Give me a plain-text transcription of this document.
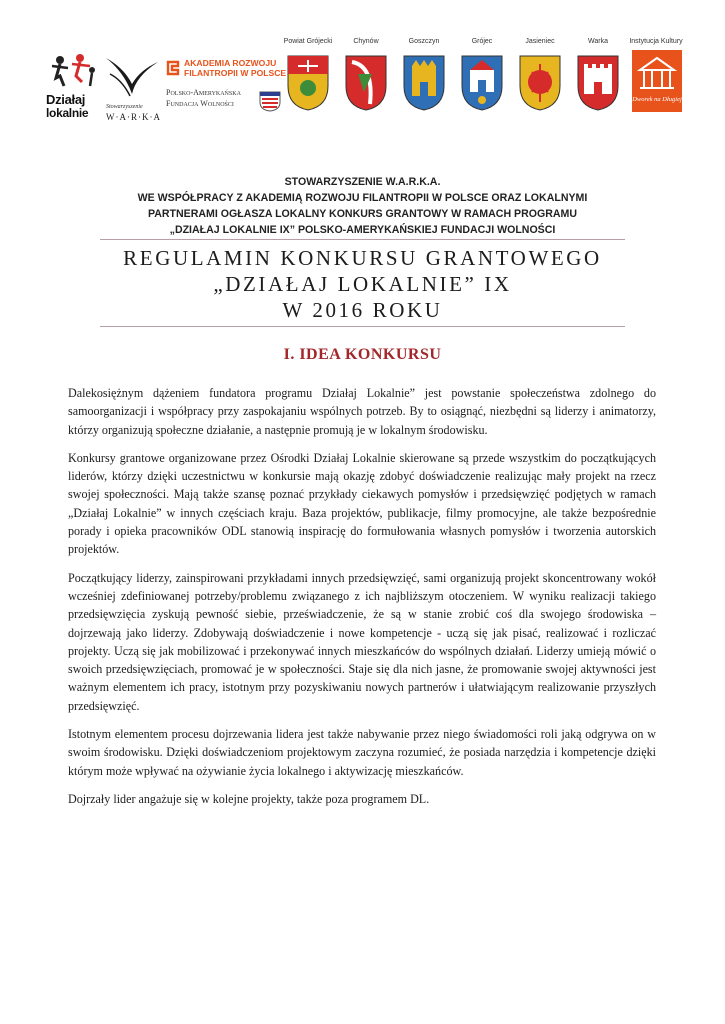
Działaj
lokalnie	Stowarzyszenie
W·A·R·K·A
AKADEMIA ROZWOJU
FILANTROPII W POLSCE
Polsko-Amerykańska
Fundacja Wolności
Powiat Grójecki	Chynów	Goszczyn	Grójec	Jasieniec	Warka	Instytucja Kultury
Dworek na Długiej
STOWARZYSZENIE W.A.R.K.A.
WE WSPÓŁPRACY Z AKADEMIĄ ROZWOJU FILANTROPII W POLSCE ORAZ LOKALNYMI
PARTNERAMI OGŁASZA LOKALNY KONKURS GRANTOWY W RAMACH PROGRAMU
„DZIAŁAJ LOKALNIE IX” POLSKO-AMERYKAŃSKIEJ FUNDACJI WOLNOŚCI
REGULAMIN KONKURSU GRANTOWEGO
„DZIAŁAJ LOKALNIE” IX
W 2016 ROKU
I. IDEA KONKURSU

Dalekosiężnym dążeniem fundatora programu Działaj Lokalnie” jest powstanie społeczeństwa zdolnego do samoorganizacji i współpracy przy zaspokajaniu wspólnych potrzeb. By to osiągnąć, niezbędni są liderzy i animatorzy, którzy organizują społeczne działanie, a następnie promują je w lokalnym środowisku.

Konkursy grantowe organizowane przez Ośrodki Działaj Lokalnie skierowane są przede wszystkim do początkujących liderów, którzy dzięki uczestnictwu w konkursie mają okazję zdobyć doświadczenie realizując mały projekt na rzecz swojej społeczności. Mają także szansę poznać przykłady ciekawych pomysłów i przedsięwzięć podjętych w ramach „Działaj Lokalnie” w innych częściach kraju. Baza projektów, publikacje, filmy promocyjne, ale także bezpośrednie porady i opieka pracowników ODL stanowią inspirację do formułowania własnych pomysłów i tworzenia autorskich projektów.

Początkujący liderzy, zainspirowani przykładami innych przedsięwzięć, sami organizują projekt skoncentrowany wokół wcześniej zdefiniowanej potrzeby/problemu związanego z ich najbliższym otoczeniem. W wyniku realizacji takiego przedsięwzięcia zyskują pewność siebie, przeświadczenie, że są w stanie zrobić coś dla swojego środowiska – dojrzewają jako liderzy. Zdobywają doświadczenie i nowe kompetencje - uczą się jak pisać, realizować i rozliczać projekty. Uczą się jak mobilizować i przekonywać innych mieszkańców do wspólnych działań. Liderzy umieją mówić o swoich przedsięwzięciach, promować je w społeczności. Staje się dla nich jasne, że promowanie swojej aktywności jest ważnym elementem ich pracy, istotnym przy pozyskiwaniu nowych partnerów i ułatwiającym realizowanie przyszłych przedsięwzięć.

Istotnym elementem procesu dojrzewania lidera jest także nabywanie przez niego świadomości roli jaką odgrywa on w swoim środowisku. Dzięki doświadczeniom projektowym zaczyna rozumieć, że posiada narzędzia i kompetencje dzięki którym może wpływać na ożywianie życia lokalnego i aktywizację mieszkańców.

Dojrzały lider angażuje się w kolejne projekty, także poza programem DL.
